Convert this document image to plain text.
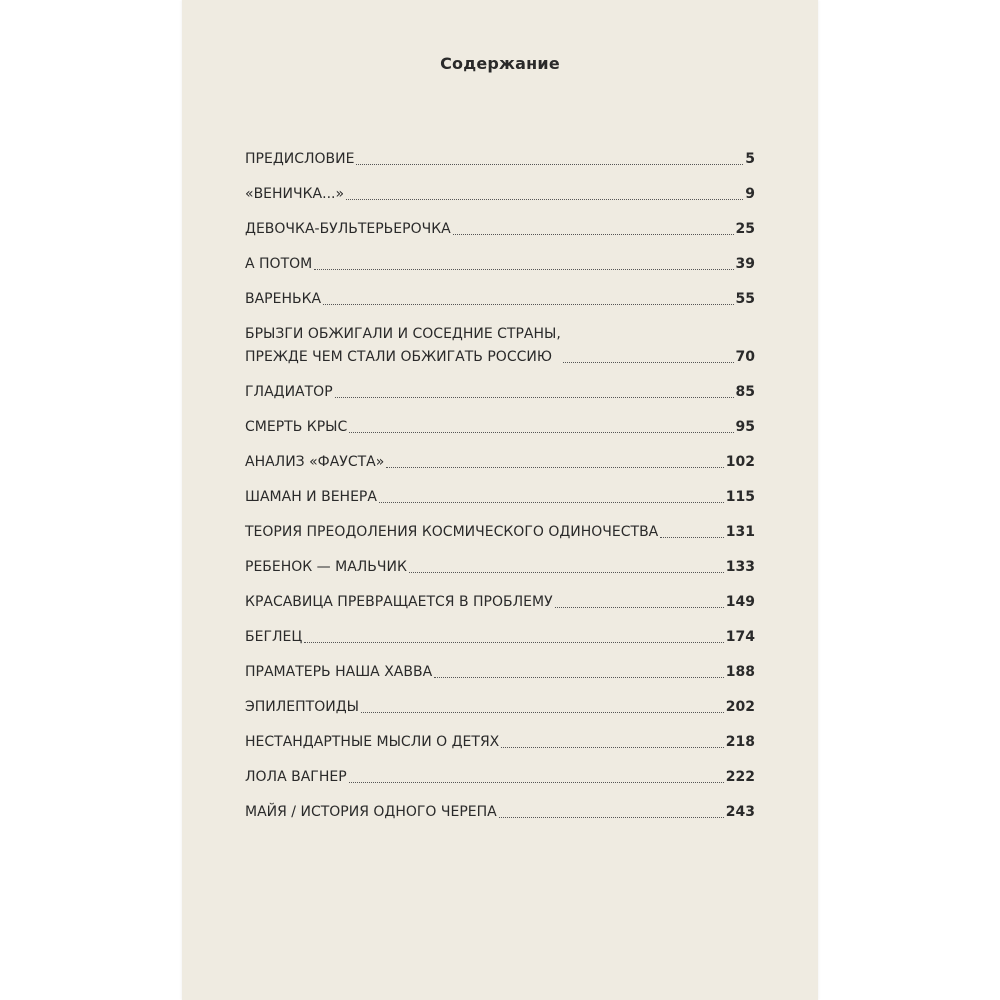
Содержание
ПРЕДИСЛОВИЕ	5
«ВЕНИЧКА...»	9
ДЕВОЧКА-БУЛЬТЕРЬЕРОЧКА	25
А ПОТОМ	39
ВАРЕНЬКА	55
БРЫЗГИ ОБЖИГАЛИ И СОСЕДНИЕ СТРАНЫ,
ПРЕЖДЕ ЧЕМ СТАЛИ ОБЖИГАТЬ РОССИЮ	70
ГЛАДИАТОР	85
СМЕРТЬ КРЫС	95
АНАЛИЗ «ФАУСТА»	102
ШАМАН И ВЕНЕРА	115
ТЕОРИЯ ПРЕОДОЛЕНИЯ КОСМИЧЕСКОГО ОДИНОЧЕСТВА	131
РЕБЕНОК — МАЛЬЧИК	133
КРАСАВИЦА ПРЕВРАЩАЕТСЯ В ПРОБЛЕМУ	149
БЕГЛЕЦ	174
ПРАМАТЕРЬ НАША ХАВВА	188
ЭПИЛЕПТОИДЫ	202
НЕСТАНДАРТНЫЕ МЫСЛИ О ДЕТЯХ	218
ЛОЛА ВАГНЕР	222
МАЙЯ / ИСТОРИЯ ОДНОГО ЧЕРЕПА	243
